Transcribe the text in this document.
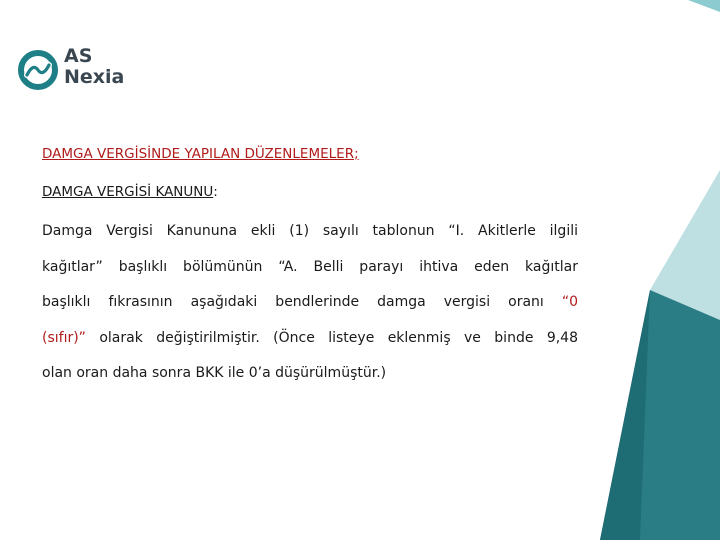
AS
Nexia
DAMGA VERGİSİNDE YAPILAN DÜZENLEMELER;
DAMGA VERGİSİ KANUNU:
Damga Vergisi Kanununa ekli (1) sayılı tablonun “I. Akitlerle ilgili
kağıtlar” başlıklı bölümünün “A. Belli parayı ihtiva eden kağıtlar
başlıklı fıkrasının aşağıdaki bendlerinde damga vergisi oranı “0
(sıfır)” olarak değiştirilmiştir. (Önce listeye eklenmiş ve binde 9,48
olan oran daha sonra BKK ile 0’a düşürülmüştür.)
